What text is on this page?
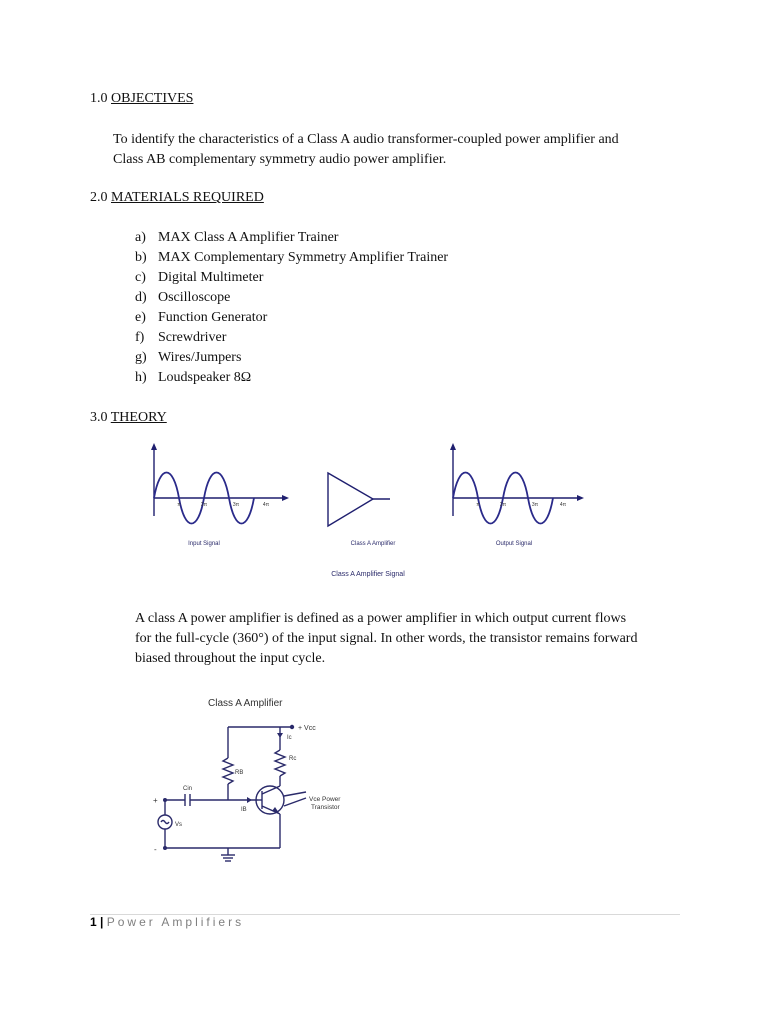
1.0 OBJECTIVES
To identify the characteristics of a Class A audio transformer-coupled power amplifier and
Class AB complementary symmetry audio power amplifier.
2.0 MATERIALS REQUIRED
a) MAX Class A Amplifier Trainer
b) MAX Complementary Symmetry Amplifier Trainer
c) Digital Multimeter
d) Oscilloscope
e) Function Generator
f) Screwdriver
g) Wires/Jumpers
h) Loudspeaker 8Ω
3.0 THEORY
π	2π	3π	4π	π	2π	3π	4π
Input Signal	Class A Amplifier	Output Signal
Class A Amplifier Signal
A class A power amplifier is defined as a power amplifier in which output current flows
for the full-cycle (360°) of the input signal. In other words, the transistor remains forward
biased throughout the input cycle.
Class A Amplifier
+ Vcc
Ic
Rc
RB
Cin
IB
Vs
+
-
Vce Power
Transistor
1 | Power Amplifiers
